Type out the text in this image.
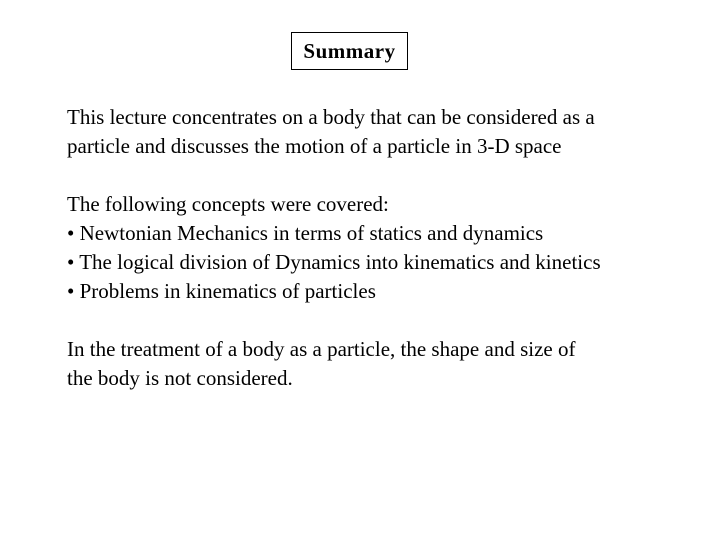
Summary

This lecture concentrates on a body that can be considered as a

particle and discusses the motion of a particle in 3-D space

The following concepts were covered:

• Newtonian Mechanics in terms of statics and dynamics

• The logical division of Dynamics into kinematics and kinetics

• Problems in kinematics of particles

In the treatment of a body as a particle, the shape and size of

the body is not considered.
